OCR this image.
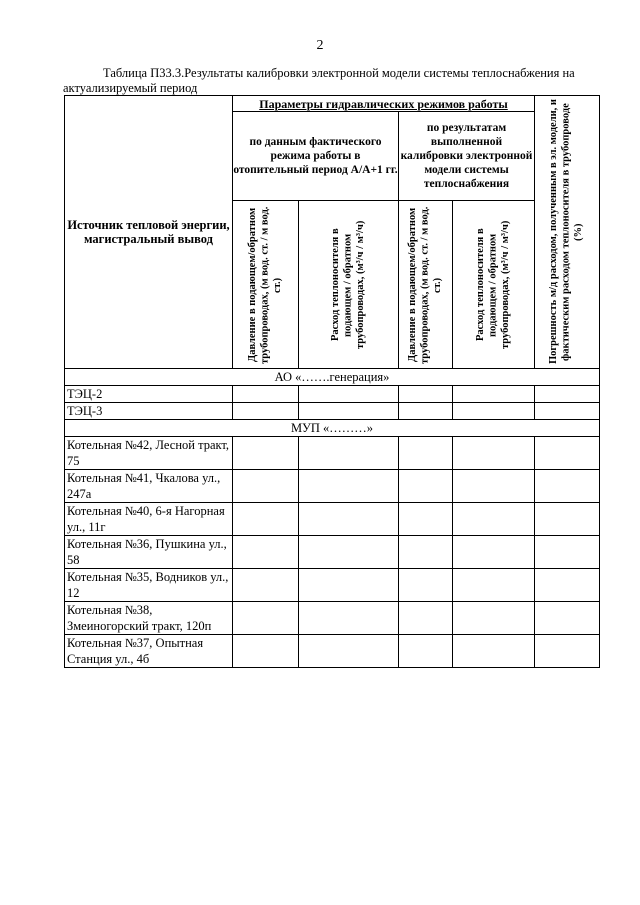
2
Таблица П33.3.Результаты калибровки электронной модели системы теплоснабжения на
актуализируемый период
Источник тепловой энергии, магистральный вывод	Параметры гидравлических режимов работы				Погрешность м/д расходом, полученным в эл. модели, и фактическим расходом теплоносителя в трубопроводе (%)

	по данным фактического режима работы в отопительный период А/А+1 гг.		по результатам выполненной калибровки электронной модели системы теплоснабжения		

	Давление в подающем/обратном трубопроводах, (м вод. ст. / м вод. ст.)	Расход теплоносителя в подающем / обратном трубопроводах, (м³/ч / м³/ч)	Давление в подающем/обратном трубопроводах, (м вод. ст. / м вод. ст.)	Расход теплоносителя в подающем / обратном трубопроводах, (м³/ч / м³/ч)	

АО «…….генерация»					
ТЭЦ-2					
ТЭЦ-3					
МУП «………»					
Котельная №42, Лесной тракт, 75					
Котельная №41, Чкалова ул., 247а					
Котельная №40, 6-я Нагорная ул., 11г					
Котельная №36, Пушкина ул., 58					
Котельная №35, Водников ул., 12					
Котельная №38, Змеиногорский тракт, 120п					
Котельная №37, Опытная Станция ул., 4б					
